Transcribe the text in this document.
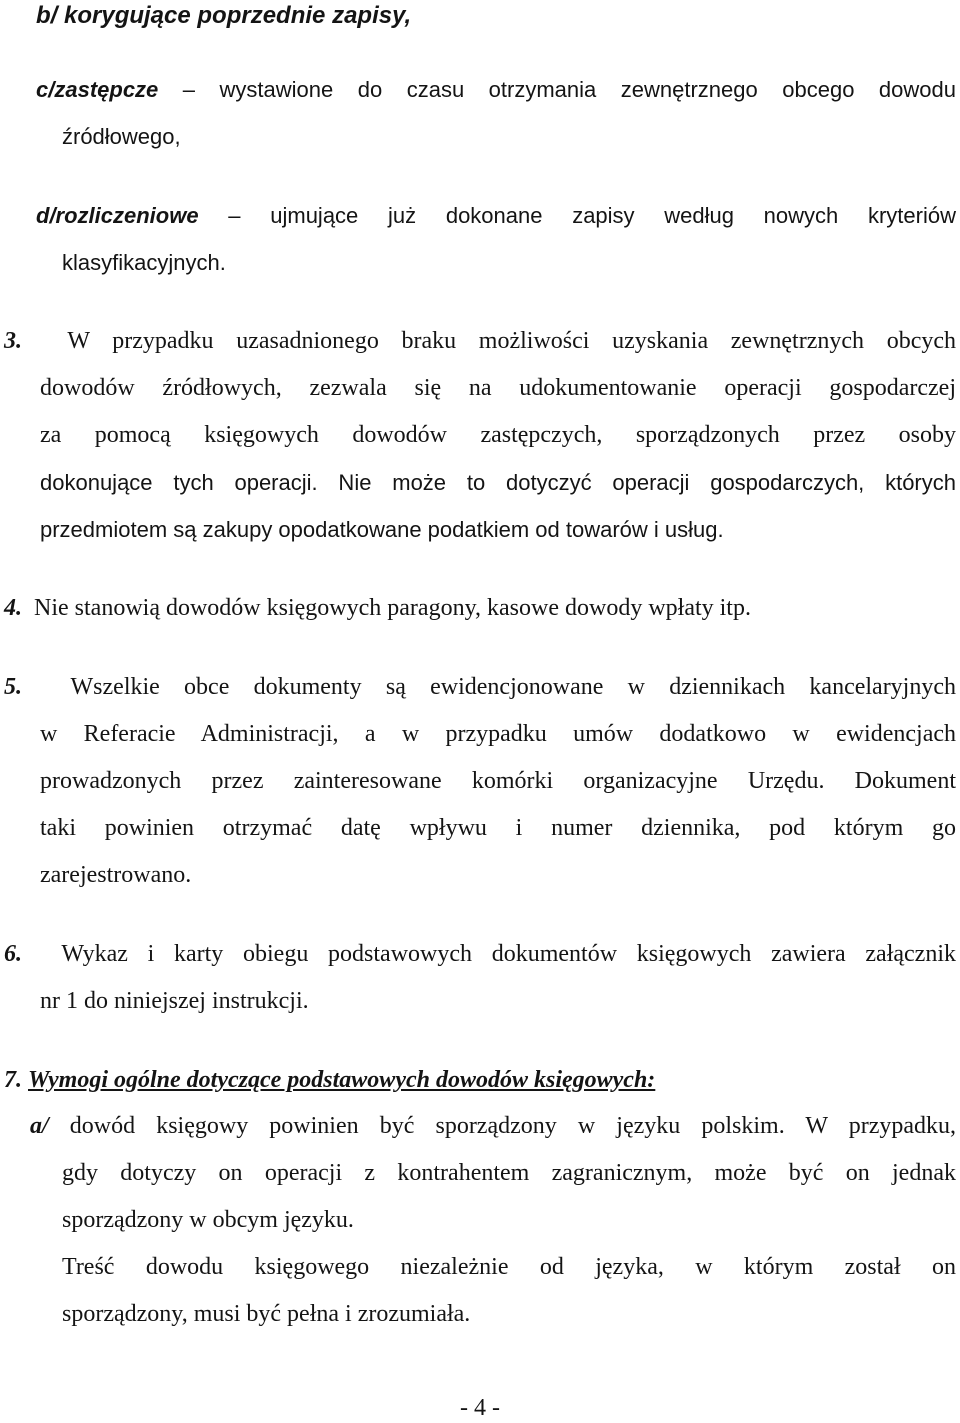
b/ korygujące poprzednie zapisy,
c/zastępcze – wystawione do czasu otrzymania zewnętrznego obcego dowodu
źródłowego,
d/rozliczeniowe – ujmujące już dokonane zapisy według nowych kryteriów
klasyfikacyjnych.
3. W przypadku uzasadnionego braku możliwości uzyskania zewnętrznych obcych
dowodów źródłowych, zezwala się na udokumentowanie operacji gospodarczej
za pomocą księgowych dowodów zastępczych, sporządzonych przez osoby
dokonujące tych operacji. Nie może to dotyczyć operacji gospodarczych, których
przedmiotem są zakupy opodatkowane podatkiem od towarów i usług.
4. Nie stanowią dowodów księgowych paragony, kasowe dowody wpłaty itp.
5. Wszelkie obce dokumenty są ewidencjonowane w dziennikach kancelaryjnych
w Referacie Administracji, a w przypadku umów dodatkowo w ewidencjach
prowadzonych przez zainteresowane komórki organizacyjne Urzędu. Dokument
taki powinien otrzymać datę wpływu i numer dziennika, pod którym go
zarejestrowano.
6. Wykaz i karty obiegu podstawowych dokumentów księgowych zawiera załącznik
nr 1 do niniejszej instrukcji.
7. Wymogi ogólne dotyczące podstawowych dowodów księgowych:
a/ dowód księgowy powinien być sporządzony w języku polskim. W przypadku,
gdy dotyczy on operacji z kontrahentem zagranicznym, może być on jednak
sporządzony w obcym języku.
Treść dowodu księgowego niezależnie od języka, w którym został on
sporządzony, musi być pełna i zrozumiała.
- 4 -
